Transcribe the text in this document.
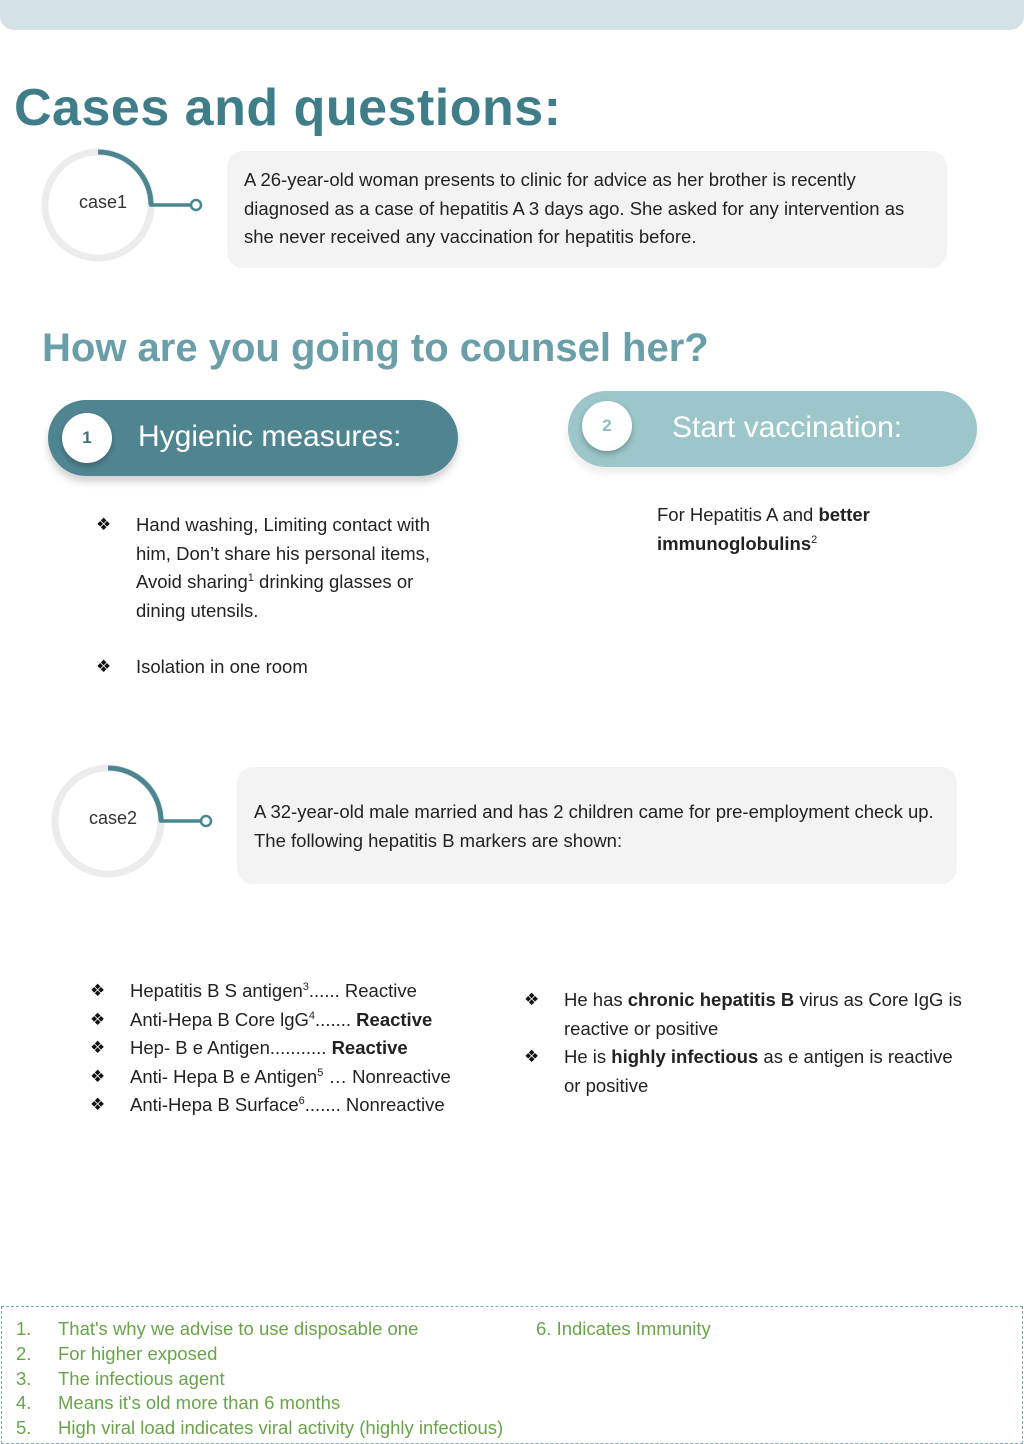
Cases and questions:
case1

A 26-year-old woman presents to clinic for advice as her brother is recently diagnosed as a case of hepatitis A 3 days ago. She asked for any intervention as she never received any vaccination for hepatitis before.

How are you going to counsel her?
1	Hygienic measures:	2	Start vaccination:
❖ Hand washing, Limiting contact with him, Don’t share his personal items, Avoid sharing$^1$ drinking glasses or dining utensils.
❖ Isolation in one room

For Hepatitis A and better immunoglobulins$^2$

case2	A 32-year-old male married and has 2 children came for pre-employment check up. The following hepatitis B markers are shown:

❖ Hepatitis B S antigen$^3$...... Reactive
❖ Anti-Hepa B Core lgG$^4$....... Reactive
❖ Hep- B e Antigen........... Reactive
❖ Anti- Hepa B e Antigen$^5$ … Nonreactive
❖ Anti-Hepa B Surface$^6$....... Nonreactive
❖ He has chronic hepatitis B virus as Core IgG is reactive or positive
❖ He is highly infectious as e antigen is reactive or positive
1. That's why we advise to use disposable one
2. For higher exposed
3. The infectious agent
4. Means it's old more than 6 months
5. High viral load indicates viral activity (highly infectious)
6. Indicates Immunity
